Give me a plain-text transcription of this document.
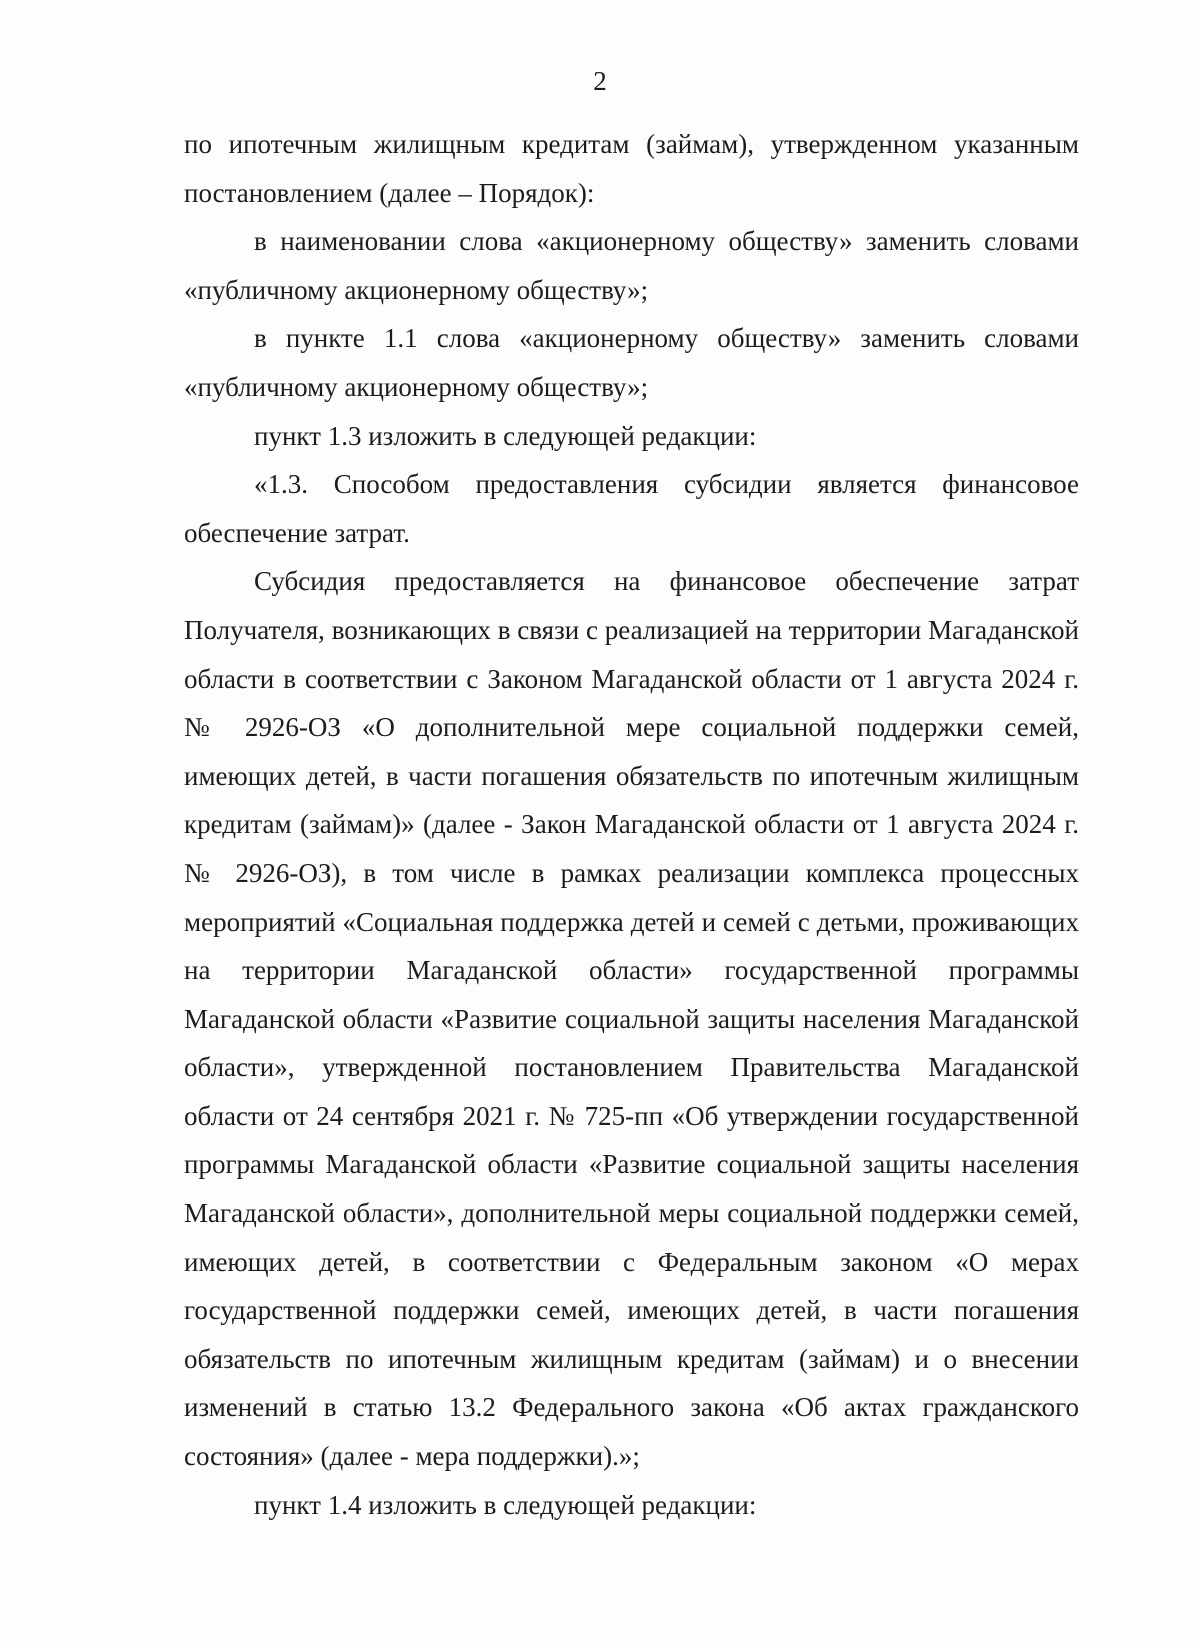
2

по ипотечным жилищным кредитам (займам), утвержденном указанным постановлением (далее – Порядок):

в наименовании слова «акционерному обществу» заменить словами «публичному акционерному обществу»;

в пункте 1.1 слова «акционерному обществу» заменить словами «публичному акционерному обществу»;

пункт 1.3 изложить в следующей редакции:

«1.3. Способом предоставления субсидии является финансовое обеспечение затрат.

Субсидия предоставляется на финансовое обеспечение затрат Получателя, возникающих в связи с реализацией на территории Магаданской области в соответствии с Законом Магаданской области от 1 августа 2024 г. № 2926-ОЗ «О дополнительной мере социальной поддержки семей, имеющих детей, в части погашения обязательств по ипотечным жилищным кредитам (займам)» (далее - Закон Магаданской области от 1 августа 2024 г. № 2926-ОЗ), в том числе в рамках реализации комплекса процессных мероприятий «Социальная поддержка детей и семей с детьми, проживающих на территории Магаданской области» государственной программы Магаданской области «Развитие социальной защиты населения Магаданской области», утвержденной постановлением Правительства Магаданской области от 24 сентября 2021 г. № 725-пп «Об утверждении государственной программы Магаданской области «Развитие социальной защиты населения Магаданской области», дополнительной меры социальной поддержки семей, имеющих детей, в соответствии с Федеральным законом «О мерах государственной поддержки семей, имеющих детей, в части погашения обязательств по ипотечным жилищным кредитам (займам) и о внесении изменений в статью 13.2 Федерального закона «Об актах гражданского состояния» (далее - мера поддержки).»;

пункт 1.4 изложить в следующей редакции:
